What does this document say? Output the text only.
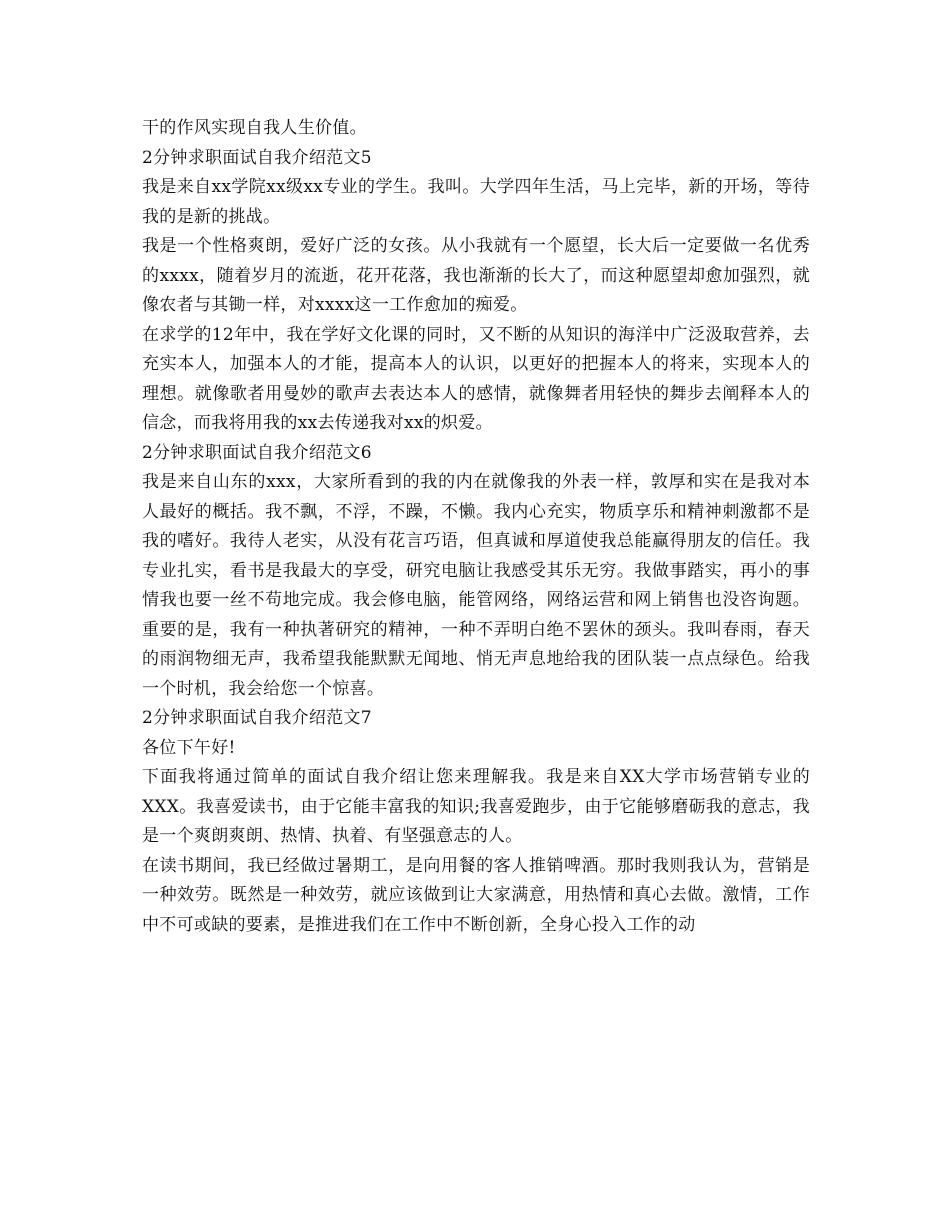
干的作风实现自我人生价值。

2分钟求职面试自我介绍范文5

我是来自xx学院xx级xx专业的学生。我叫。大学四年生活，马上完毕，新的开场，等待我的是新的挑战。

我是一个性格爽朗，爱好广泛的女孩。从小我就有一个愿望，长大后一定要做一名优秀的xxxx，随着岁月的流逝，花开花落，我也渐渐的长大了，而这种愿望却愈加强烈，就像农者与其锄一样，对xxxx这一工作愈加的痴爱。

在求学的12年中，我在学好文化课的同时，又不断的从知识的海洋中广泛汲取营养，去充实本人，加强本人的才能，提高本人的认识，以更好的把握本人的将来，实现本人的理想。就像歌者用曼妙的歌声去表达本人的感情，就像舞者用轻快的舞步去阐释本人的信念，而我将用我的xx去传递我对xx的炽爱。

2分钟求职面试自我介绍范文6

我是来自山东的xxx，大家所看到的我的内在就像我的外表一样，敦厚和实在是我对本人最好的概括。我不飘，不浮，不躁，不懒。我内心充实，物质享乐和精神刺激都不是我的嗜好。我待人老实，从没有花言巧语，但真诚和厚道使我总能赢得朋友的信任。我专业扎实，看书是我最大的享受，研究电脑让我感受其乐无穷。我做事踏实，再小的事情我也要一丝不苟地完成。我会修电脑，能管网络，网络运营和网上销售也没咨询题。重要的是，我有一种执著研究的精神，一种不弄明白绝不罢休的颈头。我叫春雨，春天的雨润物细无声，我希望我能默默无闻地、悄无声息地给我的团队装一点点绿色。给我一个时机，我会给您一个惊喜。

2分钟求职面试自我介绍范文7

各位下午好!

下面我将通过简单的面试自我介绍让您来理解我。我是来自XX大学市场营销专业的XXX。我喜爱读书，由于它能丰富我的知识;我喜爱跑步，由于它能够磨砺我的意志，我是一个爽朗爽朗、热情、执着、有坚强意志的人。

在读书期间，我已经做过暑期工，是向用餐的客人推销啤酒。那时我则我认为，营销是一种效劳。既然是一种效劳，就应该做到让大家满意，用热情和真心去做。激情，工作中不可或缺的要素，是推进我们在工作中不断创新，全身心投入工作的动
